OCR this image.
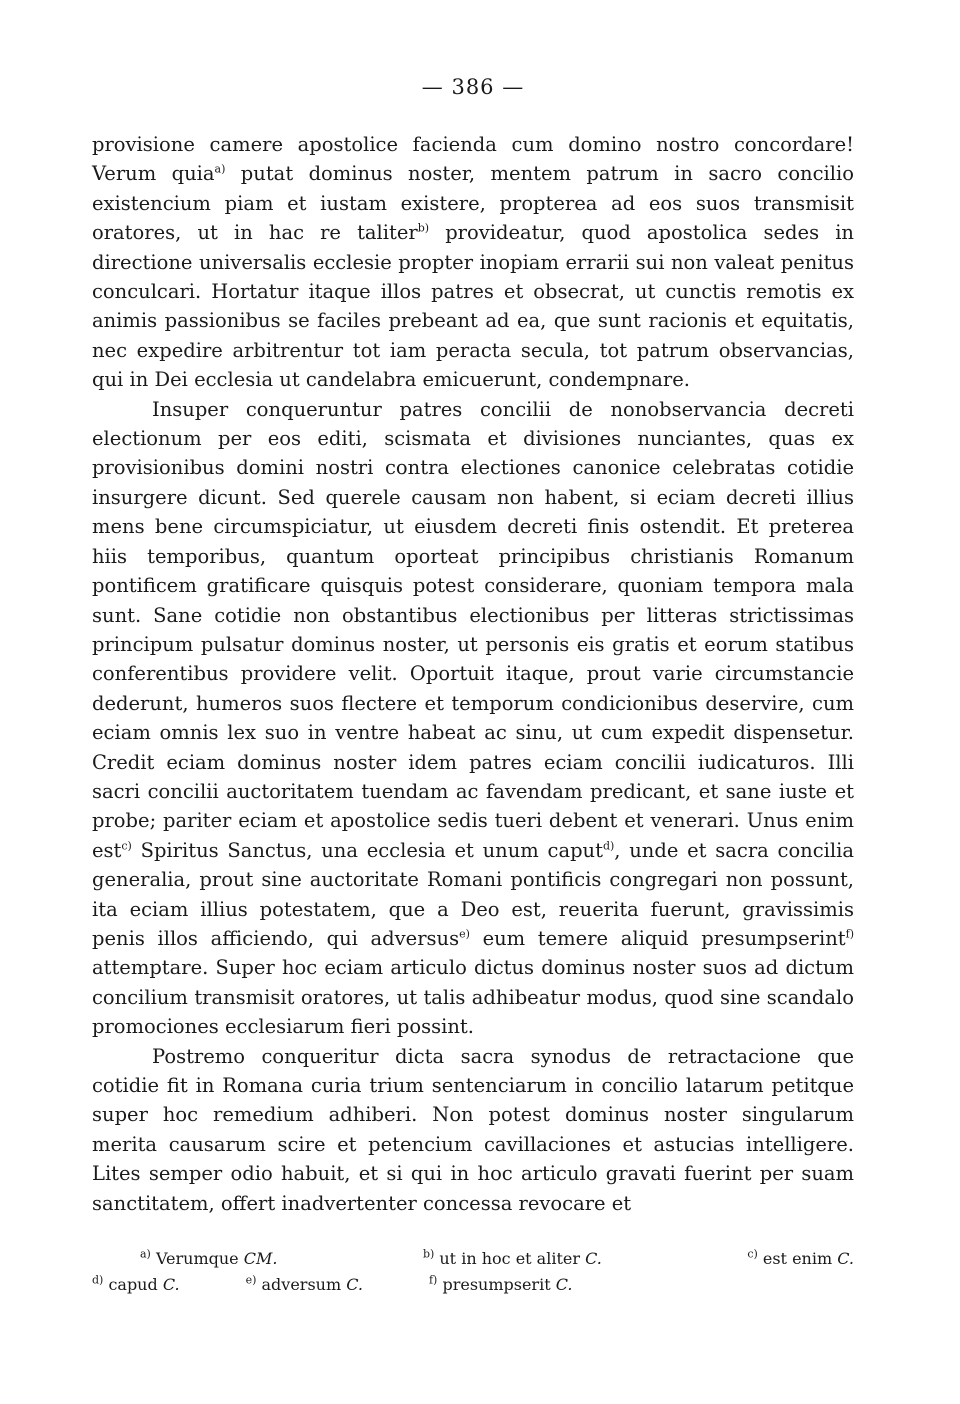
— 386 —

provisione camere apostolice facienda cum domino nostro concordare! Verum quia$^{a)}$ putat dominus noster, mentem patrum in sacro concilio existencium piam et iustam existere, propterea ad eos suos transmisit oratores, ut in hac re taliter$^{b)}$ provideatur, quod apostolica sedes in directione universalis ecclesie propter inopiam errarii sui non valeat penitus conculcari. Hortatur itaque illos patres et obsecrat, ut cunctis remotis ex animis passionibus se faciles prebeant ad ea, que sunt racionis et equitatis, nec expedire arbitrentur tot iam peracta secula, tot patrum observancias, qui in Dei ecclesia ut candelabra emicuerunt, condempnare.

Insuper conqueruntur patres concilii de nonobservancia decreti electionum per eos editi, scismata et divisiones nunciantes, quas ex provisionibus domini nostri contra electiones canonice celebratas cotidie insurgere dicunt. Sed querele causam non habent, si eciam decreti illius mens bene circumspiciatur, ut eiusdem decreti finis ostendit. Et preterea hiis temporibus, quantum oporteat principibus christianis Romanum pontificem gratificare quisquis potest considerare, quoniam tempora mala sunt. Sane cotidie non obstantibus electionibus per litteras strictissimas principum pulsatur dominus noster, ut personis eis gratis et eorum statibus conferentibus providere velit. Oportuit itaque, prout varie circumstancie dederunt, humeros suos flectere et temporum condicionibus deservire, cum eciam omnis lex suo in ventre habeat ac sinu, ut cum expedit dispensetur. Credit eciam dominus noster idem patres eciam concilii iudicaturos. Illi sacri concilii auctoritatem tuendam ac favendam predicant, et sane iuste et probe; pariter eciam et apostolice sedis tueri debent et venerari. Unus enim est$^{c)}$ Spiritus Sanctus, una ecclesia et unum caput$^{d)}$, unde et sacra concilia generalia, prout sine auctoritate Romani pontificis congregari non possunt, ita eciam illius potestatem, que a Deo est, reuerita fuerunt, gravissimis penis illos afficiendo, qui adversus$^{e)}$ eum temere aliquid presumpserint$^{f)}$ attemptare. Super hoc eciam articulo dictus dominus noster suos ad dictum concilium transmisit oratores, ut talis adhibeatur modus, quod sine scandalo promociones ecclesiarum fieri possint.

Postremo conqueritur dicta sacra synodus de retractacione que cotidie fit in Romana curia trium sentenciarum in concilio latarum petitque super hoc remedium adhiberi. Non potest dominus noster singularum merita causarum scire et petencium cavillaciones et astucias intelligere. Lites semper odio habuit, et si qui in hoc articulo gravati fuerint per suam sanctitatem, offert inadvertenter concessa revocare et

$^{a)}$ Verumque CM.	$^{b)}$ ut in hoc et aliter C.	$^{c)}$ est enim C.
$^{d)}$ capud C.	$^{e)}$ adversum C.	$^{f)}$ presumpserit C.
